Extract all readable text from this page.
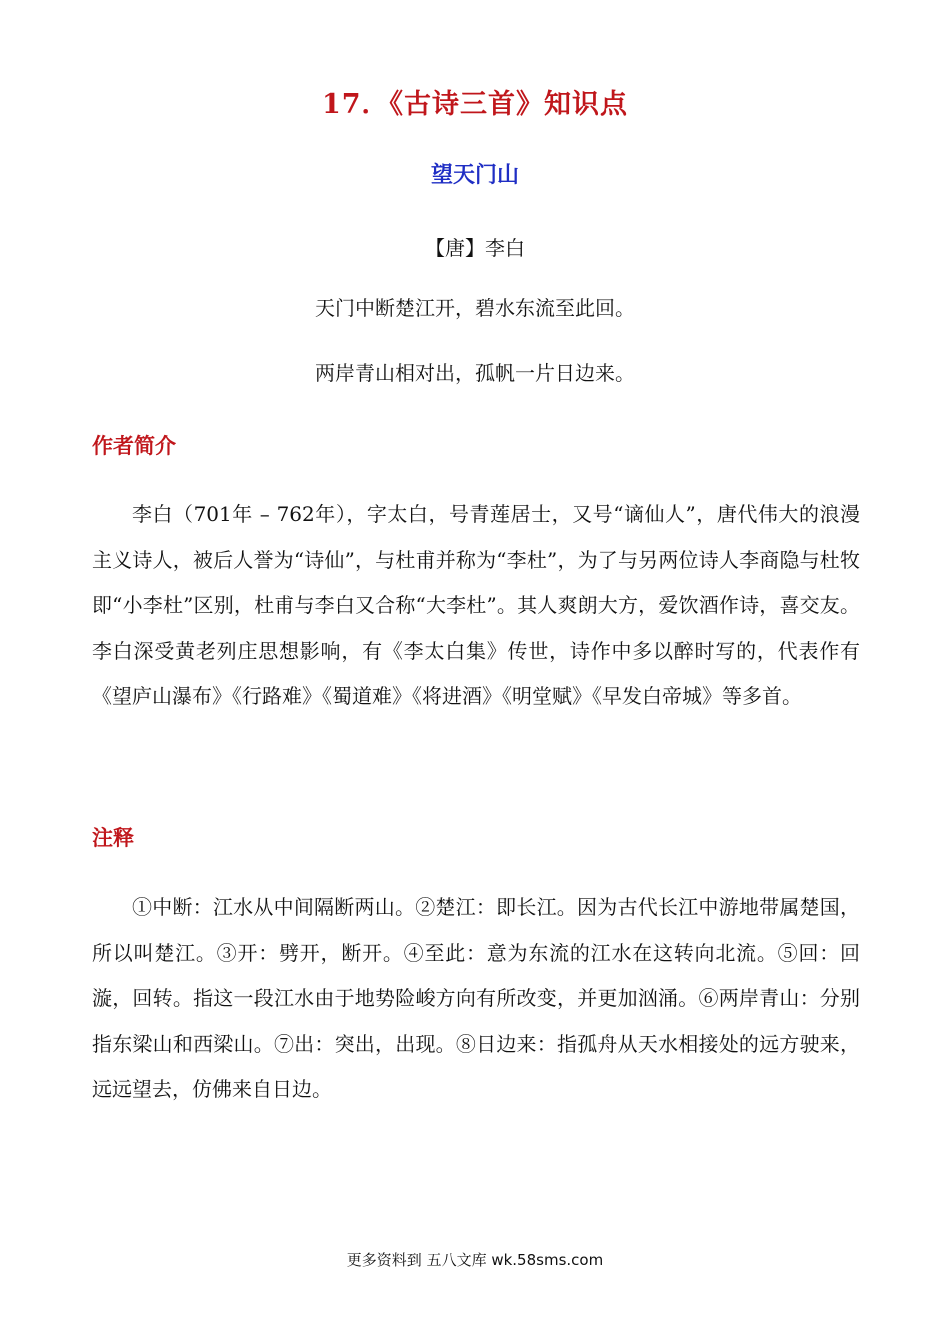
17．《古诗三首》知识点
望天门山
【唐】李白
天门中断楚江开，碧水东流至此回。
两岸青山相对出，孤帆一片日边来。
作者简介
李白（701年 – 762年），字太白，号青莲居士，又号“谪仙人”，唐代伟大的浪漫主义诗人，被后人誉为“诗仙”，与杜甫并称为“李杜”，为了与另两位诗人李商隐与杜牧即“小李杜”区别，杜甫与李白又合称“大李杜”。其人爽朗大方，爱饮酒作诗，喜交友。李白深受黄老列庄思想影响，有《李太白集》传世，诗作中多以醉时写的，代表作有《望庐山瀑布》《行路难》《蜀道难》《将进酒》《明堂赋》《早发白帝城》等多首。
注释
①中断：江水从中间隔断两山。②楚江：即长江。因为古代长江中游地带属楚国，所以叫楚江。③开：劈开，断开。④至此：意为东流的江水在这转向北流。⑤回：回漩，回转。指这一段江水由于地势险峻方向有所改变，并更加汹涌。⑥两岸青山：分别指东梁山和西梁山。⑦出：突出，出现。⑧日边来：指孤舟从天水相接处的远方驶来，远远望去，仿佛来自日边。
更多资料到 五八文库 wk.58sms.com
